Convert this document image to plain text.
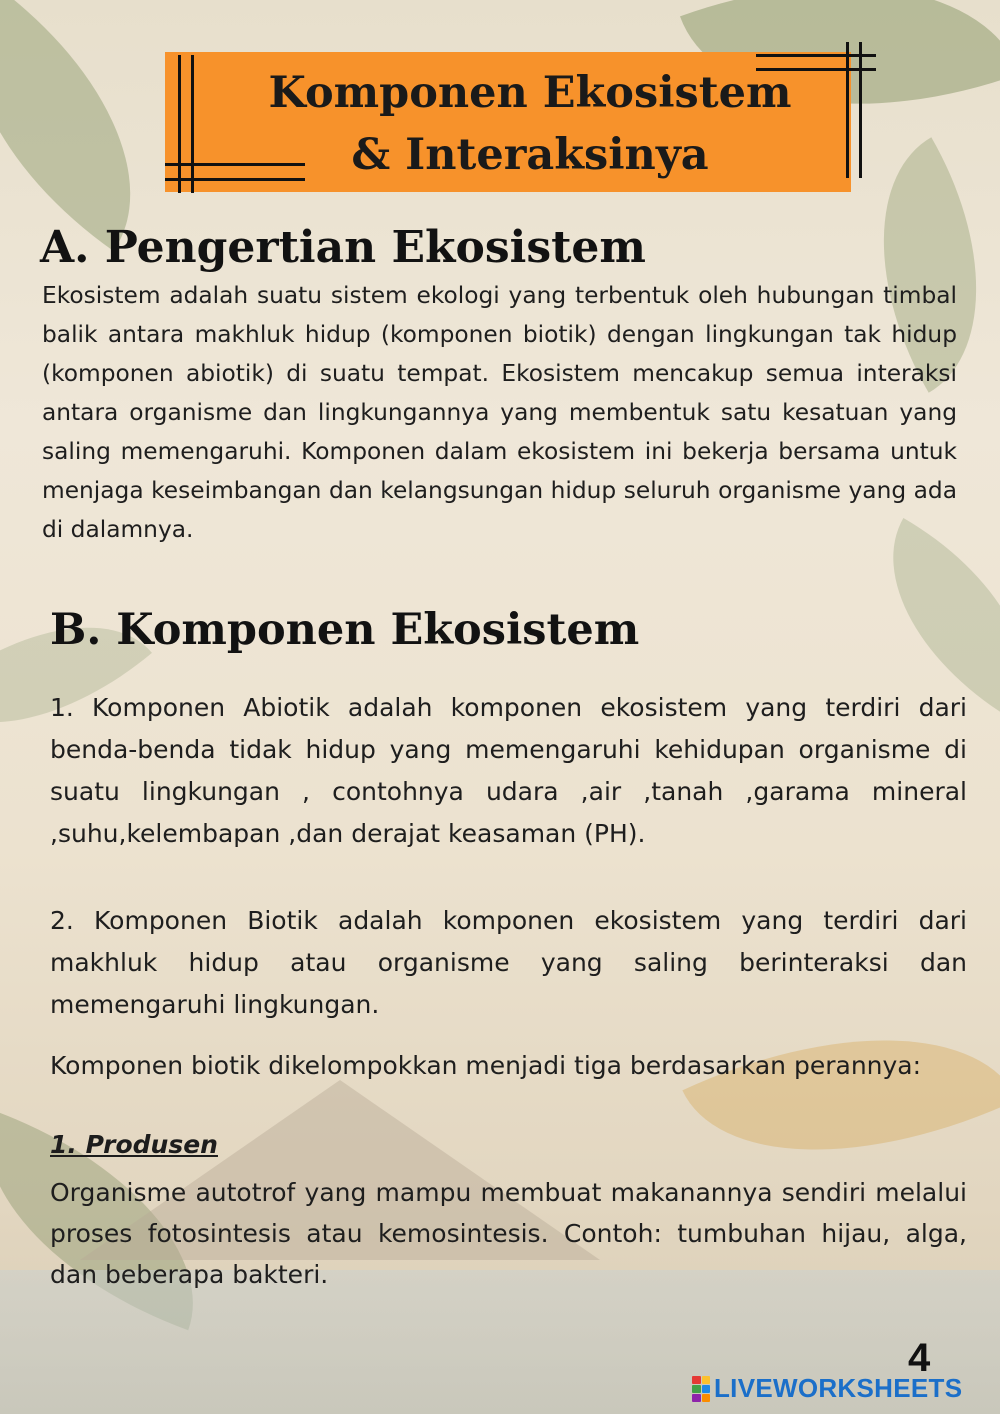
Komponen Ekosistem
& Interaksinya
A. Pengertian Ekosistem

Ekosistem adalah suatu sistem ekologi yang terbentuk oleh hubungan timbal balik antara makhluk hidup (komponen biotik) dengan lingkungan tak hidup (komponen abiotik) di suatu tempat. Ekosistem mencakup semua interaksi antara organisme dan lingkungannya yang membentuk satu kesatuan yang saling memengaruhi. Komponen dalam ekosistem ini bekerja bersama untuk menjaga keseimbangan dan kelangsungan hidup seluruh organisme yang ada di dalamnya.

B. Komponen Ekosistem

1. Komponen Abiotik adalah komponen ekosistem yang terdiri dari benda-benda tidak hidup yang memengaruhi kehidupan organisme di suatu lingkungan , contohnya udara ,air ,tanah ,garama mineral ,suhu,kelembapan ,dan derajat keasaman (PH).

2. Komponen Biotik adalah komponen ekosistem yang terdiri dari makhluk hidup atau organisme yang saling berinteraksi dan memengaruhi lingkungan.

Komponen biotik dikelompokkan menjadi tiga berdasarkan perannya:

1. Produsen

Organisme autotrof yang mampu membuat makanannya sendiri melalui proses fotosintesis atau kemosintesis. Contoh: tumbuhan hijau, alga, dan beberapa bakteri.

4
LIVEWORKSHEETS
